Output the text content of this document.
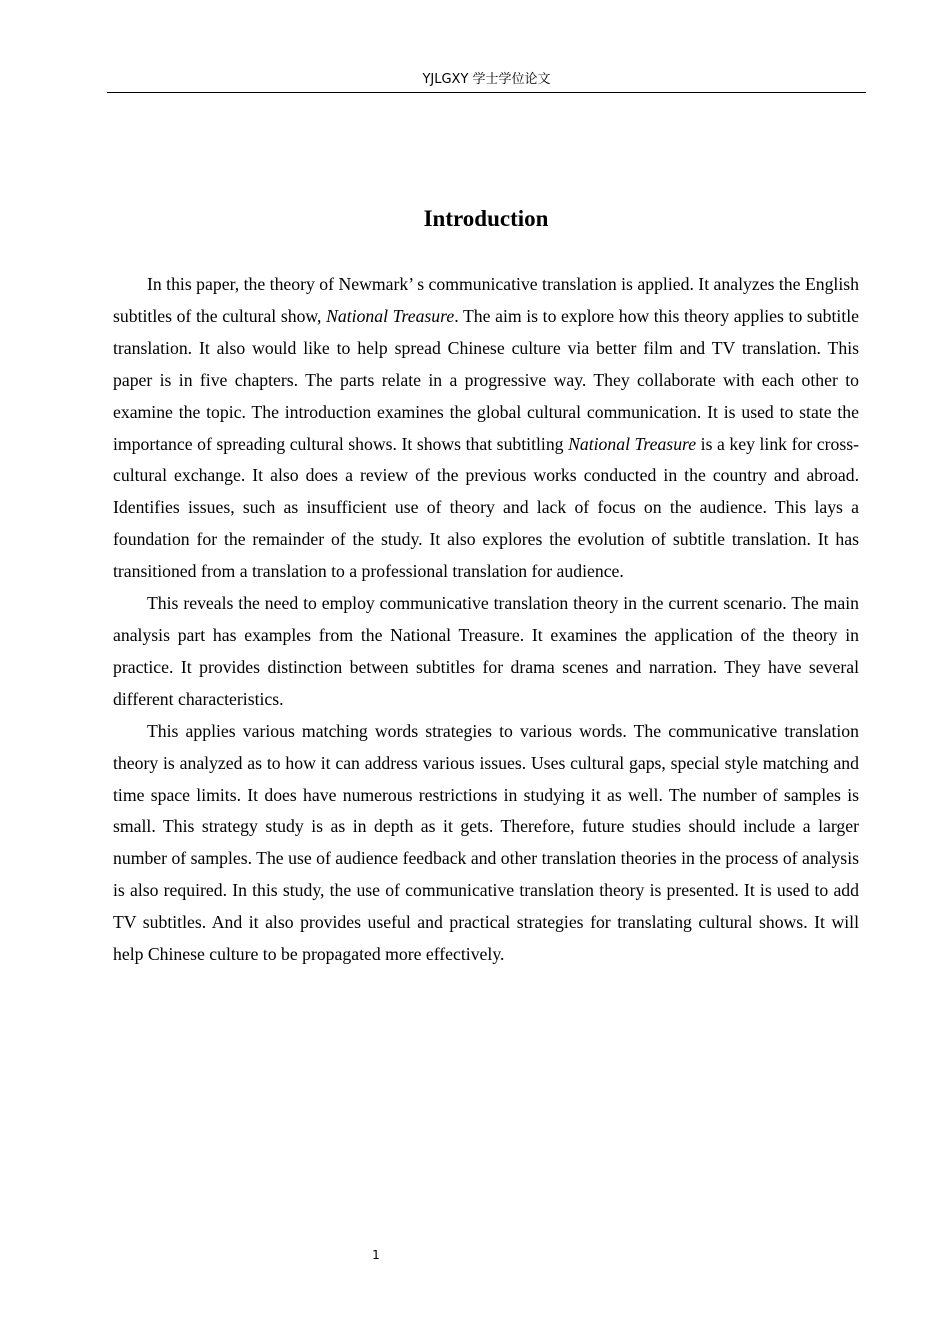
YJLGXY 学士学位论文
Introduction

In this paper, the theory of Newmark’ s communicative translation is applied. It analyzes the English subtitles of the cultural show, National Treasure. The aim is to explore how this theory applies to subtitle translation. It also would like to help spread Chinese culture via better film and TV translation. This paper is in five chapters. The parts relate in a progressive way. They collaborate with each other to examine the topic. The introduction examines the global cultural communication. It is used to state the importance of spreading cultural shows. It shows that subtitling National Treasure is a key link for cross-cultural exchange. It also does a review of the previous works conducted in the country and abroad. Identifies issues, such as insufficient use of theory and lack of focus on the audience. This lays a foundation for the remainder of the study. It also explores the evolution of subtitle translation. It has transitioned from a translation to a professional translation for audience.

This reveals the need to employ communicative translation theory in the current scenario. The main analysis part has examples from the National Treasure. It examines the application of the theory in practice. It provides distinction between subtitles for drama scenes and narration. They have several different characteristics.

This applies various matching words strategies to various words. The communicative translation theory is analyzed as to how it can address various issues. Uses cultural gaps, special style matching and time space limits. It does have numerous restrictions in studying it as well. The number of samples is small. This strategy study is as in depth as it gets. Therefore, future studies should include a larger number of samples. The use of audience feedback and other translation theories in the process of analysis is also required. In this study, the use of communicative translation theory is presented. It is used to add TV subtitles. And it also provides useful and practical strategies for translating cultural shows. It will help Chinese culture to be propagated more effectively.

1
